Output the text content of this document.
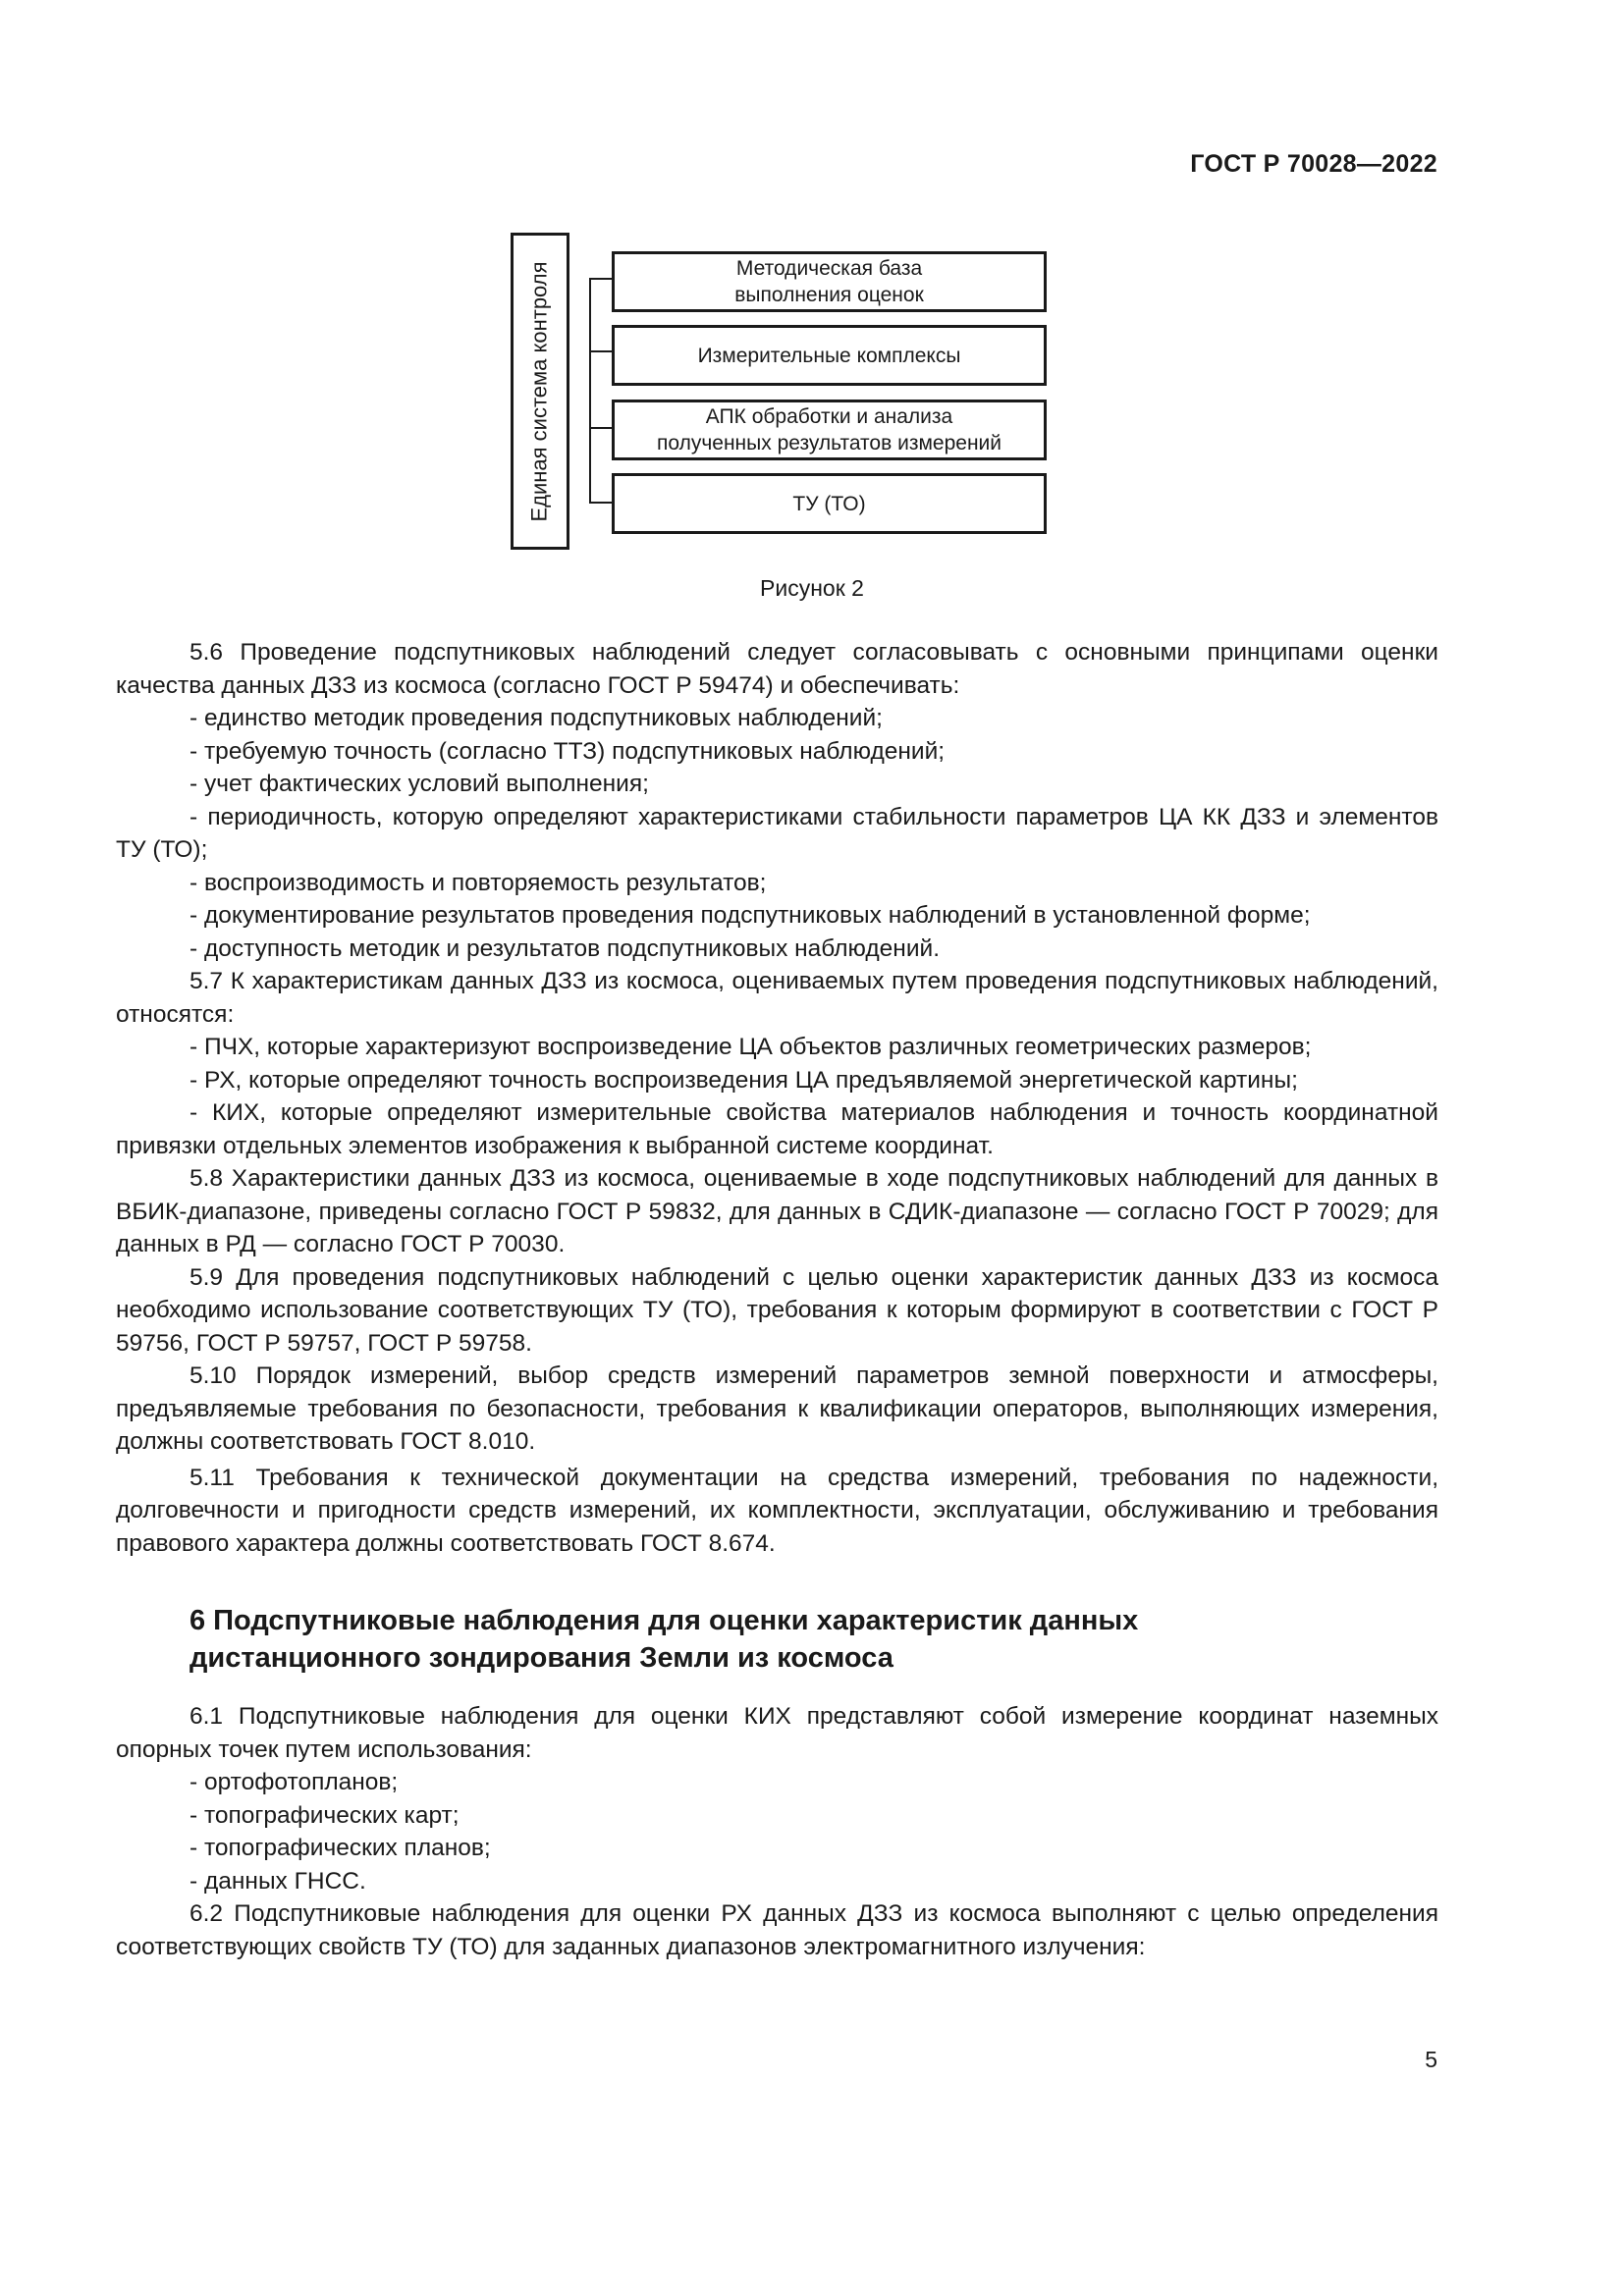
ГОСТ Р 70028—2022
Единая система контроля	Методическая база
выполнения оценок
Измерительные комплексы
АПК обработки и анализа
полученных результатов измерений
ТУ (ТО)
Рисунок 2

5.6 Проведение подспутниковых наблюдений следует согласовывать с основными принципами оценки качества данных ДЗЗ из космоса (согласно ГОСТ Р 59474) и обеспечивать:

- единство методик проведения подспутниковых наблюдений;

- требуемую точность (согласно ТТЗ) подспутниковых наблюдений;

- учет фактических условий выполнения;

- периодичность, которую определяют характеристиками стабильности параметров ЦА КК ДЗЗ и элементов ТУ (ТО);

- воспроизводимость и повторяемость результатов;

- документирование результатов проведения подспутниковых наблюдений в установленной форме;

- доступность методик и результатов подспутниковых наблюдений.

5.7 К характеристикам данных ДЗЗ из космоса, оцениваемых путем проведения подспутниковых наблюдений, относятся:

- ПЧХ, которые характеризуют воспроизведение ЦА объектов различных геометрических размеров;

- РХ, которые определяют точность воспроизведения ЦА предъявляемой энергетической картины;

- КИХ, которые определяют измерительные свойства материалов наблюдения и точность координатной привязки отдельных элементов изображения к выбранной системе координат.

5.8 Характеристики данных ДЗЗ из космоса, оцениваемые в ходе подспутниковых наблюдений для данных в ВБИК-диапазоне, приведены согласно ГОСТ Р 59832, для данных в СДИК-диапазоне — согласно ГОСТ Р 70029; для данных в РД — согласно ГОСТ Р 70030.

5.9 Для проведения подспутниковых наблюдений с целью оценки характеристик данных ДЗЗ из космоса необходимо использование соответствующих ТУ (ТО), требования к которым формируют в соответствии с ГОСТ Р 59756, ГОСТ Р 59757, ГОСТ Р 59758.

5.10 Порядок измерений, выбор средств измерений параметров земной поверхности и атмосферы, предъявляемые требования по безопасности, требования к квалификации операторов, выполняющих измерения, должны соответствовать ГОСТ 8.010.

5.11 Требования к технической документации на средства измерений, требования по надежности, долговечности и пригодности средств измерений, их комплектности, эксплуатации, обслуживанию и требования правового характера должны соответствовать ГОСТ 8.674.

6 Подспутниковые наблюдения для оценки характеристик данных
дистанционного зондирования Земли из космоса

6.1 Подспутниковые наблюдения для оценки КИХ представляют собой измерение координат наземных опорных точек путем использования:

- ортофотопланов;

- топографических карт;

- топографических планов;

- данных ГНСС.

6.2 Подспутниковые наблюдения для оценки РХ данных ДЗЗ из космоса выполняют с целью определения соответствующих свойств ТУ (ТО) для заданных диапазонов электромагнитного излучения:

5
